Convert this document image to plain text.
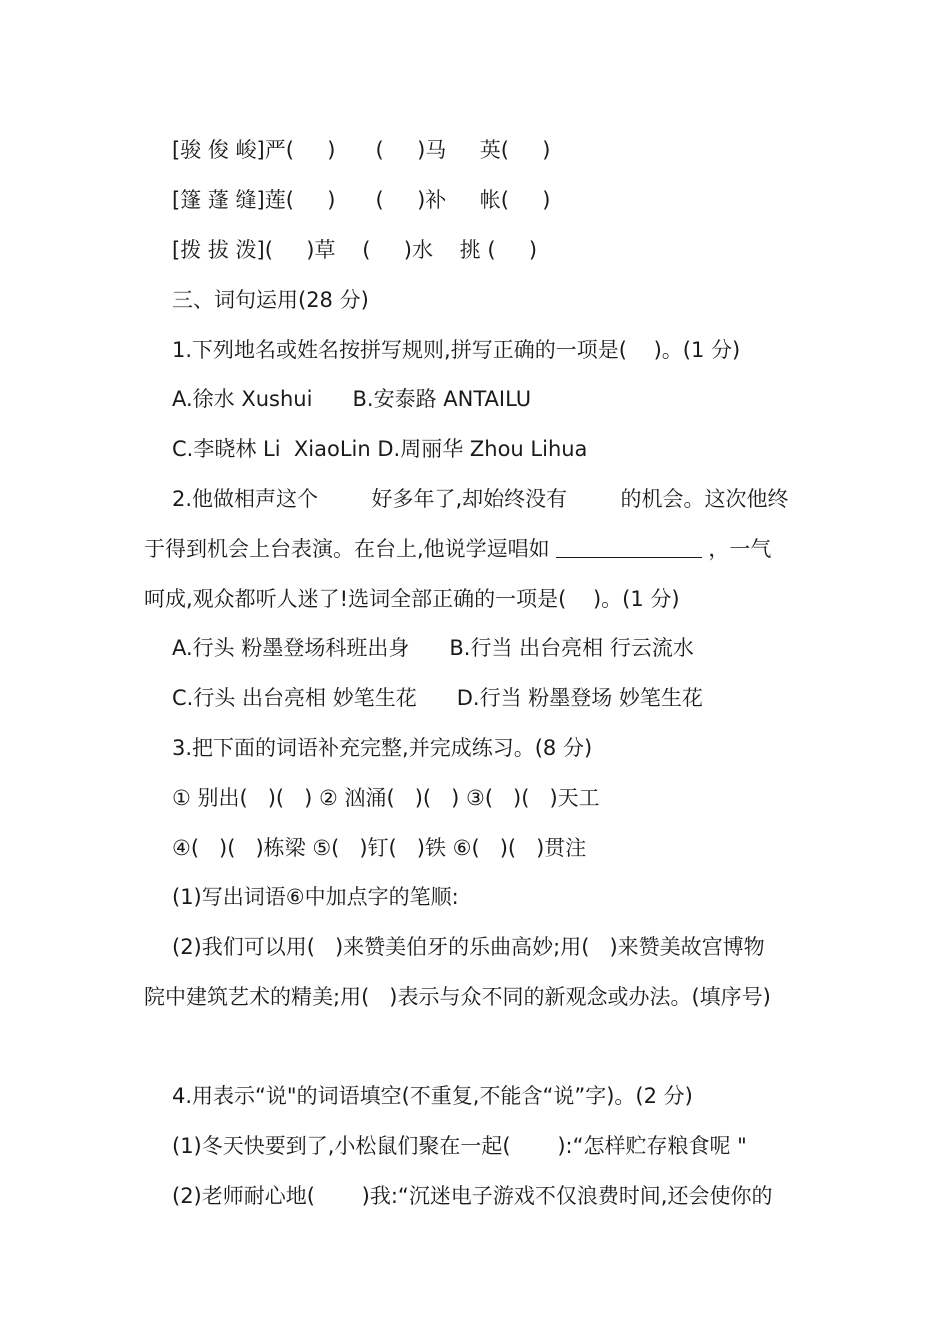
[骏 俊 峻]严(     )      (     )马     英(     )
[篷 蓬 缝]莲(     )      (     )补     帐(     )
[拨 拔 泼](     )草    (     )水    挑 (     )
三、词句运用(28 分)
1.下列地名或姓名按拼写规则,拼写正确的一项是(    )。(1 分)
A.徐水 Xushui      B.安泰路 ANTAILU
C.李晓林 Li  XiaoLin D.周丽华 Zhou Lihua
2.他做相声这个        好多年了,却始终没有        的机会。这次他终
于得到机会上台表演。在台上,他说学逗唱如	，一气
呵成,观众都听人迷了!选词全部正确的一项是(    )。(1 分)
A.行头 粉墨登场科班出身      B.行当 出台亮相 行云流水
C.行头 出台亮相 妙笔生花      D.行当 粉墨登场 妙笔生花
3.把下面的词语补充完整,并完成练习。(8 分)
① 别出(   )(   ) ② 汹涌(   )(   ) ③(   )(   )天工
④(   )(   )栋梁 ⑤(   )钉(   )铁 ⑥(   )(   )贯注
(1)写出词语⑥中加点字的笔顺:
(2)我们可以用(   )来赞美伯牙的乐曲高妙;用(   )来赞美故宫博物
院中建筑艺术的精美;用(   )表示与众不同的新观念或办法。(填序号)
4.用表示“说"的词语填空(不重复,不能含“说”字)。(2 分)
(1)冬天快要到了,小松鼠们聚在一起(       ):“怎样贮存粮食呢 "
(2)老师耐心地(       )我:“沉迷电子游戏不仅浪费时间,还会使你的
